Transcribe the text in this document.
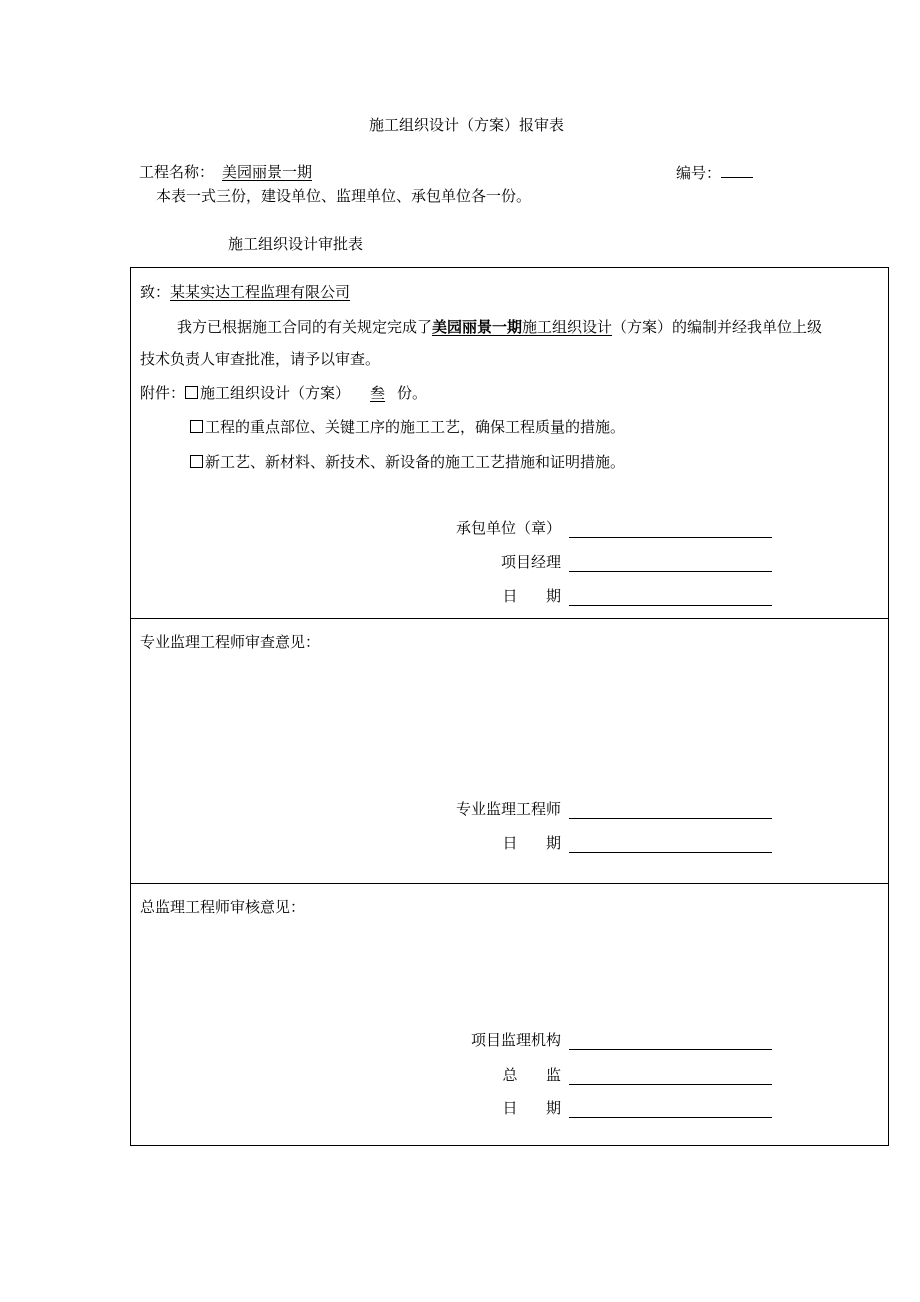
施工组织设计（方案）报审表
工程名称： 美园丽景一期	编号：
本表一式三份，建设单位、监理单位、承包单位各一份。
施工组织设计审批表
致：某某实达工程监理有限公司
我方已根据施工合同的有关规定完成了美园丽景一期施工组织设计（方案）的编制并经我单位上级
技术负责人审查批准，请予以审查。
附件： 施工组织设计（方案） 叁 份。
工程的重点部位、关键工序的施工工艺，确保工程质量的措施。
新工艺、新材料、新技术、新设备的施工工艺措施和证明措施。
承包单位（章）
项目经理
日期
专业监理工程师审查意见：
专业监理工程师
日期
总监理工程师审核意见：
项目监理机构
总监
日期
